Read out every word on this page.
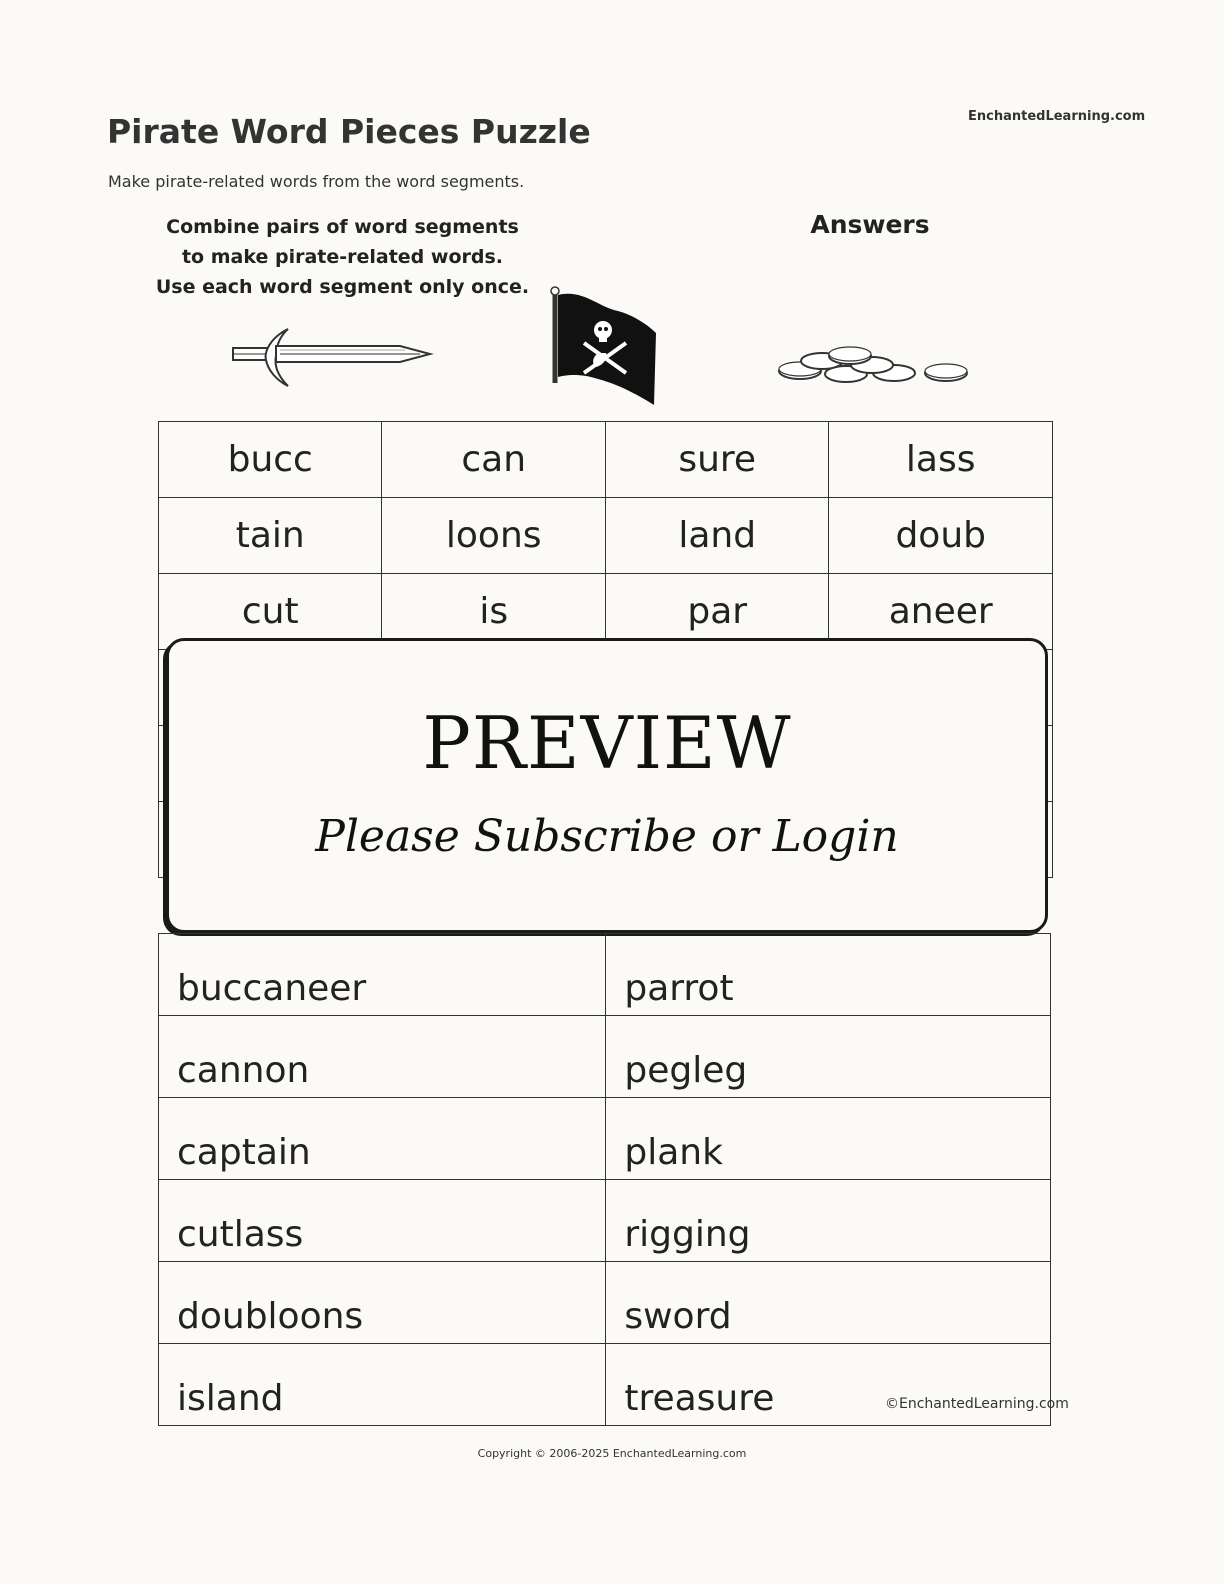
EnchantedLearning.com
Pirate Word Pieces Puzzle
Make pirate-related words from the word segments.
Combine pairs of word segments
to make pirate-related words.
Use each word segment only once.
Answers
bucc	can	sure	lass
tain	loons	land	doub
cut	is	par	aneer

PREVIEW
Please Subscribe or Login
buccaneer	parrot
cannon	pegleg
captain	plank
cutlass	rigging
doubloons	sword
island	treasure	©EnchantedLearning.com
Copyright © 2006-2025 EnchantedLearning.com
